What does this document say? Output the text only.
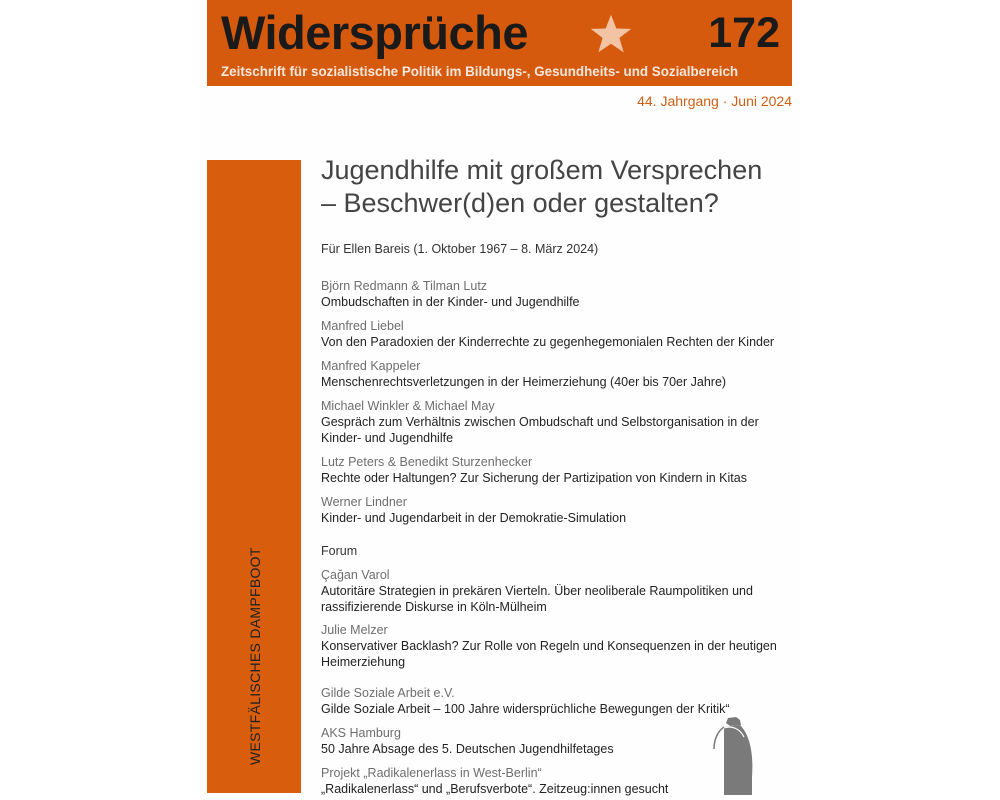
Widersprüche	172
Zeitschrift für sozialistische Politik im Bildungs-, Gesundheits- und Sozialbereich
44. Jahrgang · Juni 2024
WESTFÄLISCHES DAMPFBOOT
Jugendhilfe mit großem Versprechen
– Beschwer(d)en oder gestalten?
Für Ellen Bareis (1. Oktober 1967 – 8. März 2024)
Björn Redmann & Tilman Lutz
Ombudschaften in der Kinder- und Jugendhilfe
Manfred Liebel
Von den Paradoxien der Kinderrechte zu gegenhegemonialen Rechten der Kinder
Manfred Kappeler
Menschenrechtsverletzungen in der Heimerziehung (40er bis 70er Jahre)
Michael Winkler & Michael May
Gespräch zum Verhältnis zwischen Ombudschaft und Selbstorganisation in der Kinder- und Jugendhilfe
Lutz Peters & Benedikt Sturzenhecker
Rechte oder Haltungen? Zur Sicherung der Partizipation von Kindern in Kitas
Werner Lindner
Kinder- und Jugendarbeit in der Demokratie-Simulation
Forum
Çağan Varol
Autoritäre Strategien in prekären Vierteln. Über neoliberale Raumpolitiken und rassifizierende Diskurse in Köln-Mülheim
Julie Melzer
Konservativer Backlash? Zur Rolle von Regeln und Konsequenzen in der heutigen Heimerziehung
Gilde Soziale Arbeit e.V.
Gilde Soziale Arbeit – 100 Jahre widersprüchliche Bewegungen der Kritik“
AKS Hamburg
50 Jahre Absage des 5. Deutschen Jugendhilfetages
Projekt „Radikalenerlass in West-Berlin“
„Radikalenerlass“ und „Berufsverbote“. Zeitzeug:innen gesucht
